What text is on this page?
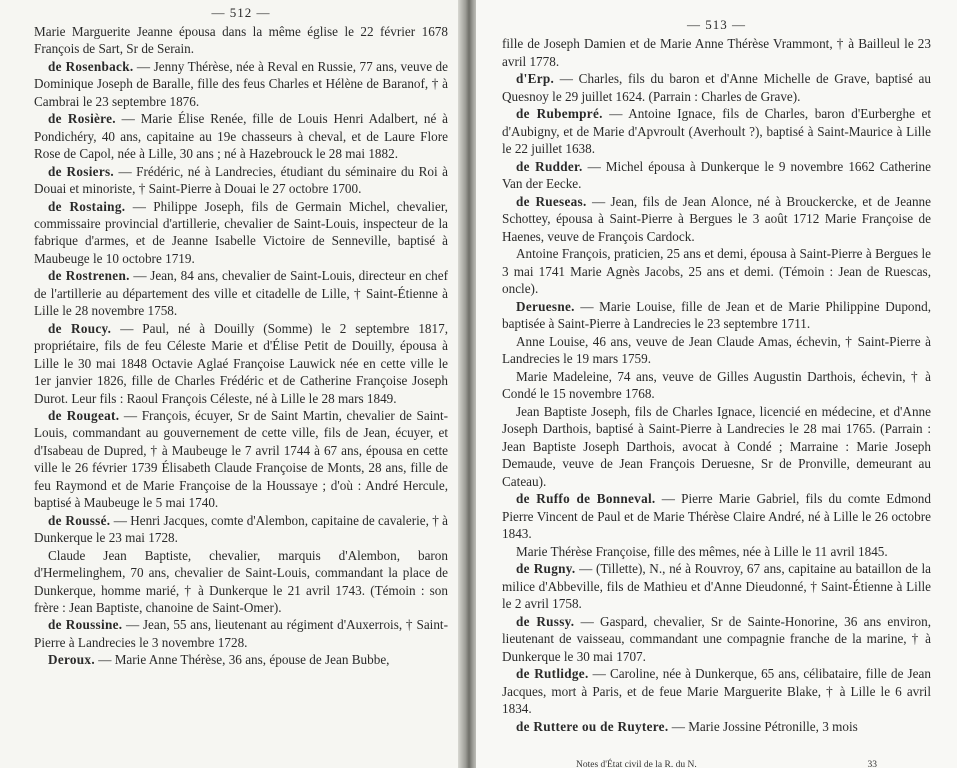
— 512 —

Marie Marguerite Jeanne épousa dans la même église le 22 février 1678 François de Sart, Sr de Serain.

de Rosenback. — Jenny Thérèse, née à Reval en Russie, 77 ans, veuve de Dominique Joseph de Baralle, fille des feus Charles et Hélène de Baranof, † à Cambrai le 23 septembre 1876.

de Rosière. — Marie Élise Renée, fille de Louis Henri Adalbert, né à Pondichéry, 40 ans, capitaine au 19e chasseurs à cheval, et de Laure Flore Rose de Capol, née à Lille, 30 ans ; né à Hazebrouck le 28 mai 1882.

de Rosiers. — Frédéric, né à Landrecies, étudiant du séminaire du Roi à Douai et minoriste, † Saint-Pierre à Douai le 27 octobre 1700.

de Rostaing. — Philippe Joseph, fils de Germain Michel, chevalier, commissaire provincial d'artillerie, chevalier de Saint-Louis, inspecteur de la fabrique d'armes, et de Jeanne Isabelle Victoire de Senneville, baptisé à Maubeuge le 10 octobre 1719.

de Rostrenen. — Jean, 84 ans, chevalier de Saint-Louis, directeur en chef de l'artillerie au département des ville et citadelle de Lille, † Saint-Étienne à Lille le 28 novembre 1758.

de Roucy. — Paul, né à Douilly (Somme) le 2 septembre 1817, propriétaire, fils de feu Céleste Marie et d'Élise Petit de Douilly, épousa à Lille le 30 mai 1848 Octavie Aglaé Françoise Lauwick née en cette ville le 1er janvier 1826, fille de Charles Frédéric et de Catherine Françoise Joseph Durot. Leur fils : Raoul François Céleste, né à Lille le 28 mars 1849.

de Rougeat. — François, écuyer, Sr de Saint Martin, chevalier de Saint-Louis, commandant au gouvernement de cette ville, fils de Jean, écuyer, et d'Isabeau de Dupred, † à Maubeuge le 7 avril 1744 à 67 ans, épousa en cette ville le 26 février 1739 Élisabeth Claude Françoise de Monts, 28 ans, fille de feu Raymond et de Marie Françoise de la Houssaye ; d'où : André Hercule, baptisé à Maubeuge le 5 mai 1740.

de Roussé. — Henri Jacques, comte d'Alembon, capitaine de cavalerie, † à Dunkerque le 23 mai 1728.

Claude Jean Baptiste, chevalier, marquis d'Alembon, baron d'Hermelinghem, 70 ans, chevalier de Saint-Louis, commandant la place de Dunkerque, homme marié, † à Dunkerque le 21 avril 1743. (Témoin : son frère : Jean Baptiste, chanoine de Saint-Omer).

de Roussine. — Jean, 55 ans, lieutenant au régiment d'Auxerrois, † Saint-Pierre à Landrecies le 3 novembre 1728.

Deroux. — Marie Anne Thérèse, 36 ans, épouse de Jean Bubbe,

— 513 —

fille de Joseph Damien et de Marie Anne Thérèse Vrammont, † à Bailleul le 23 avril 1778.

d'Erp. — Charles, fils du baron et d'Anne Michelle de Grave, baptisé au Quesnoy le 29 juillet 1624. (Parrain : Charles de Grave).

de Rubempré. — Antoine Ignace, fils de Charles, baron d'Eurberghe et d'Aubigny, et de Marie d'Apvroult (Averhoult ?), baptisé à Saint-Maurice à Lille le 22 juillet 1638.

de Rudder. — Michel épousa à Dunkerque le 9 novembre 1662 Catherine Van der Eecke.

de Rueseas. — Jean, fils de Jean Alonce, né à Brouckercke, et de Jeanne Schottey, épousa à Saint-Pierre à Bergues le 3 août 1712 Marie Françoise de Haenes, veuve de François Cardock.

Antoine François, praticien, 25 ans et demi, épousa à Saint-Pierre à Bergues le 3 mai 1741 Marie Agnès Jacobs, 25 ans et demi. (Témoin : Jean de Ruescas, oncle).

Deruesne. — Marie Louise, fille de Jean et de Marie Philippine Dupond, baptisée à Saint-Pierre à Landrecies le 23 septembre 1711.

Anne Louise, 46 ans, veuve de Jean Claude Amas, échevin, † Saint-Pierre à Landrecies le 19 mars 1759.

Marie Madeleine, 74 ans, veuve de Gilles Augustin Darthois, échevin, † à Condé le 15 novembre 1768.

Jean Baptiste Joseph, fils de Charles Ignace, licencié en médecine, et d'Anne Joseph Darthois, baptisé à Saint-Pierre à Landrecies le 28 mai 1765. (Parrain : Jean Baptiste Joseph Darthois, avocat à Condé ; Marraine : Marie Joseph Demaude, veuve de Jean François Deruesne, Sr de Pronville, demeurant au Cateau).

de Ruffo de Bonneval. — Pierre Marie Gabriel, fils du comte Edmond Pierre Vincent de Paul et de Marie Thérèse Claire André, né à Lille le 26 octobre 1843.

Marie Thérèse Françoise, fille des mêmes, née à Lille le 11 avril 1845.

de Rugny. — (Tillette), N., né à Rouvroy, 67 ans, capitaine au bataillon de la milice d'Abbeville, fils de Mathieu et d'Anne Dieudonné, † Saint-Étienne à Lille le 2 avril 1758.

de Russy. — Gaspard, chevalier, Sr de Sainte-Honorine, 36 ans environ, lieutenant de vaisseau, commandant une compagnie franche de la marine, † à Dunkerque le 30 mai 1707.

de Rutlidge. — Caroline, née à Dunkerque, 65 ans, célibataire, fille de Jean Jacques, mort à Paris, et de feue Marie Marguerite Blake, † à Lille le 6 avril 1834.

de Ruttere ou de Ruytere. — Marie Jossine Pétronille, 3 mois

Notes d'État civil de la R. du N.	33
